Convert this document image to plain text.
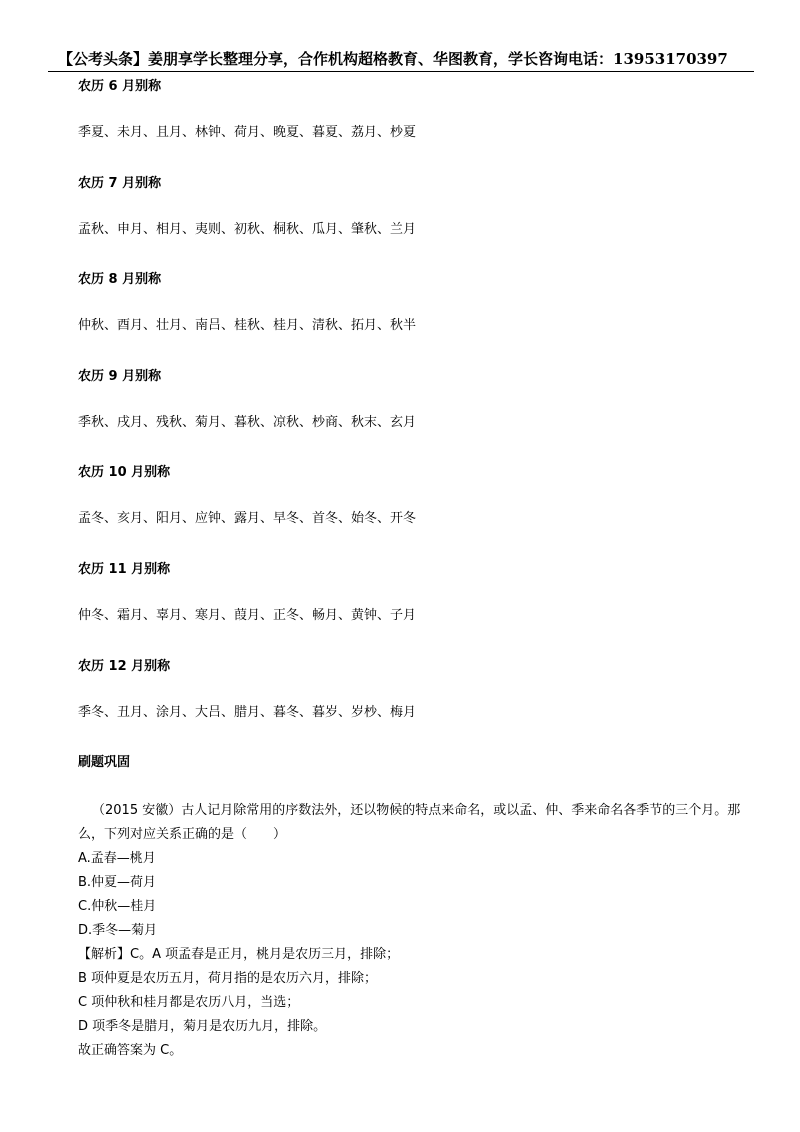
【公考头条】姜朋享学长整理分享，合作机构超格教育、华图教育，学长咨询电话：13953170397

农历 6 月别称

季夏、未月、且月、林钟、荷月、晚夏、暮夏、荔月、杪夏

农历 7 月别称

孟秋、申月、相月、夷则、初秋、桐秋、瓜月、肇秋、兰月

农历 8 月别称

仲秋、酉月、壮月、南吕、桂秋、桂月、清秋、拓月、秋半

农历 9 月别称

季秋、戌月、残秋、菊月、暮秋、凉秋、杪商、秋末、玄月

农历 10 月别称

孟冬、亥月、阳月、应钟、露月、早冬、首冬、始冬、开冬

农历 11 月别称

仲冬、霜月、辜月、寒月、葭月、正冬、畅月、黄钟、子月

农历 12 月别称

季冬、丑月、涂月、大吕、腊月、暮冬、暮岁、岁杪、梅月

刷题巩固

（2015 安徽）古人记月除常用的序数法外，还以物候的特点来命名，或以孟、仲、季来命名各季节的三个月。那么，下列对应关系正确的是（　　）

A.孟春—桃月

B.仲夏—荷月

C.仲秋—桂月

D.季冬—菊月

【解析】C。A 项孟春是正月，桃月是农历三月，排除；

B 项仲夏是农历五月，荷月指的是农历六月，排除；

C 项仲秋和桂月都是农历八月，当选；

D 项季冬是腊月，菊月是农历九月，排除。

故正确答案为 C。
